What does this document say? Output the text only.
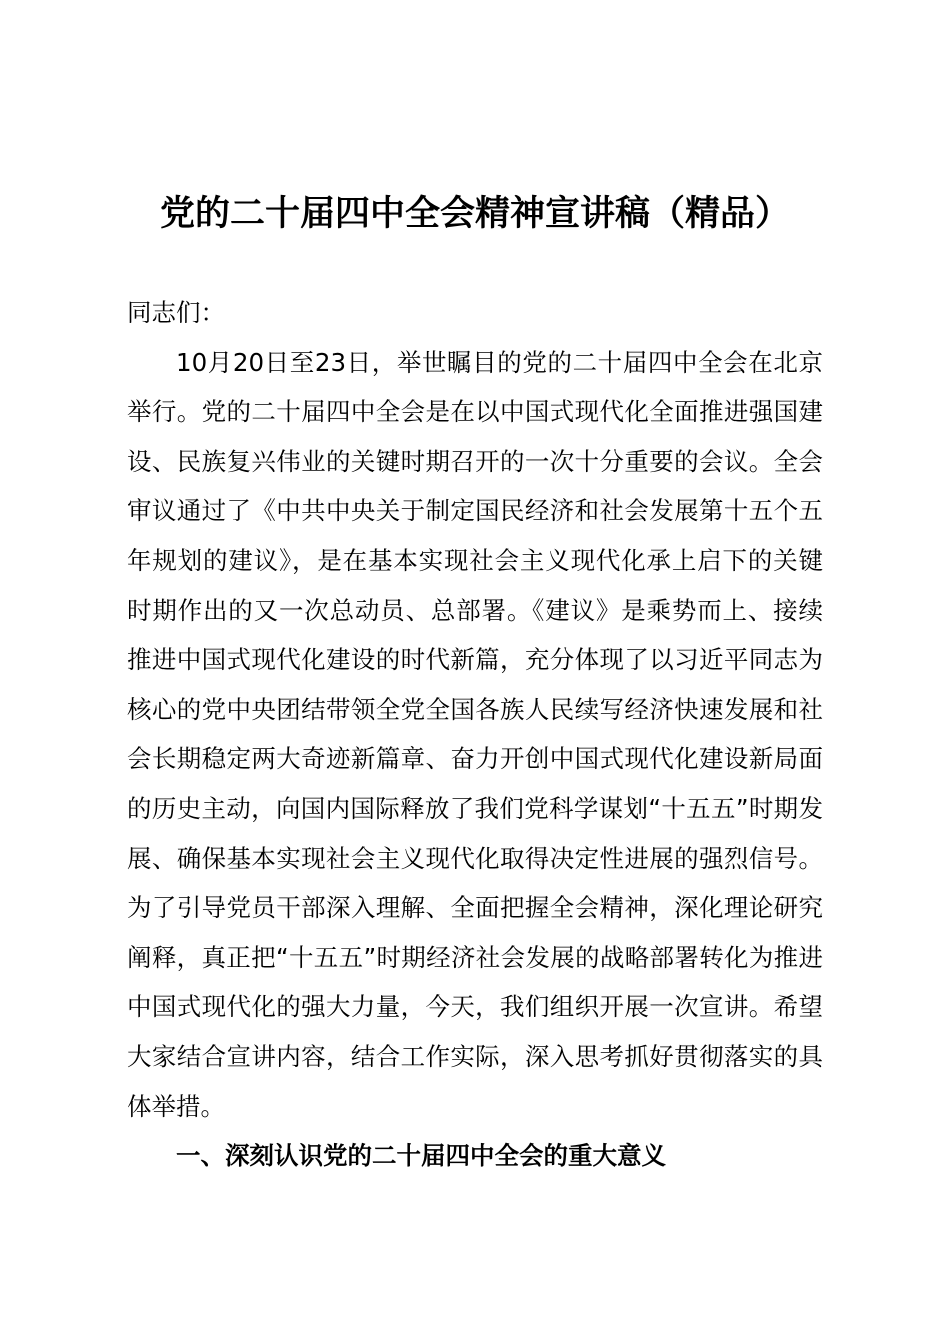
党的二十届四中全会精神宣讲稿（精品）

同志们：

10月20日至23日，举世瞩目的党的二十届四中全会在北京举行。党的二十届四中全会是在以中国式现代化全面推进强国建设、民族复兴伟业的关键时期召开的一次十分重要的会议。全会审议通过了《中共中央关于制定国民经济和社会发展第十五个五年规划的建议》，是在基本实现社会主义现代化承上启下的关键时期作出的又一次总动员、总部署。《建议》是乘势而上、接续推进中国式现代化建设的时代新篇，充分体现了以习近平同志为核心的党中央团结带领全党全国各族人民续写经济快速发展和社会长期稳定两大奇迹新篇章、奋力开创中国式现代化建设新局面的历史主动，向国内国际释放了我们党科学谋划“十五五”时期发展、确保基本实现社会主义现代化取得决定性进展的强烈信号。为了引导党员干部深入理解、全面把握全会精神，深化理论研究阐释，真正把“十五五”时期经济社会发展的战略部署转化为推进中国式现代化的强大力量，今天，我们组织开展一次宣讲。希望大家结合宣讲内容，结合工作实际，深入思考抓好贯彻落实的具体举措。

一、深刻认识党的二十届四中全会的重大意义
